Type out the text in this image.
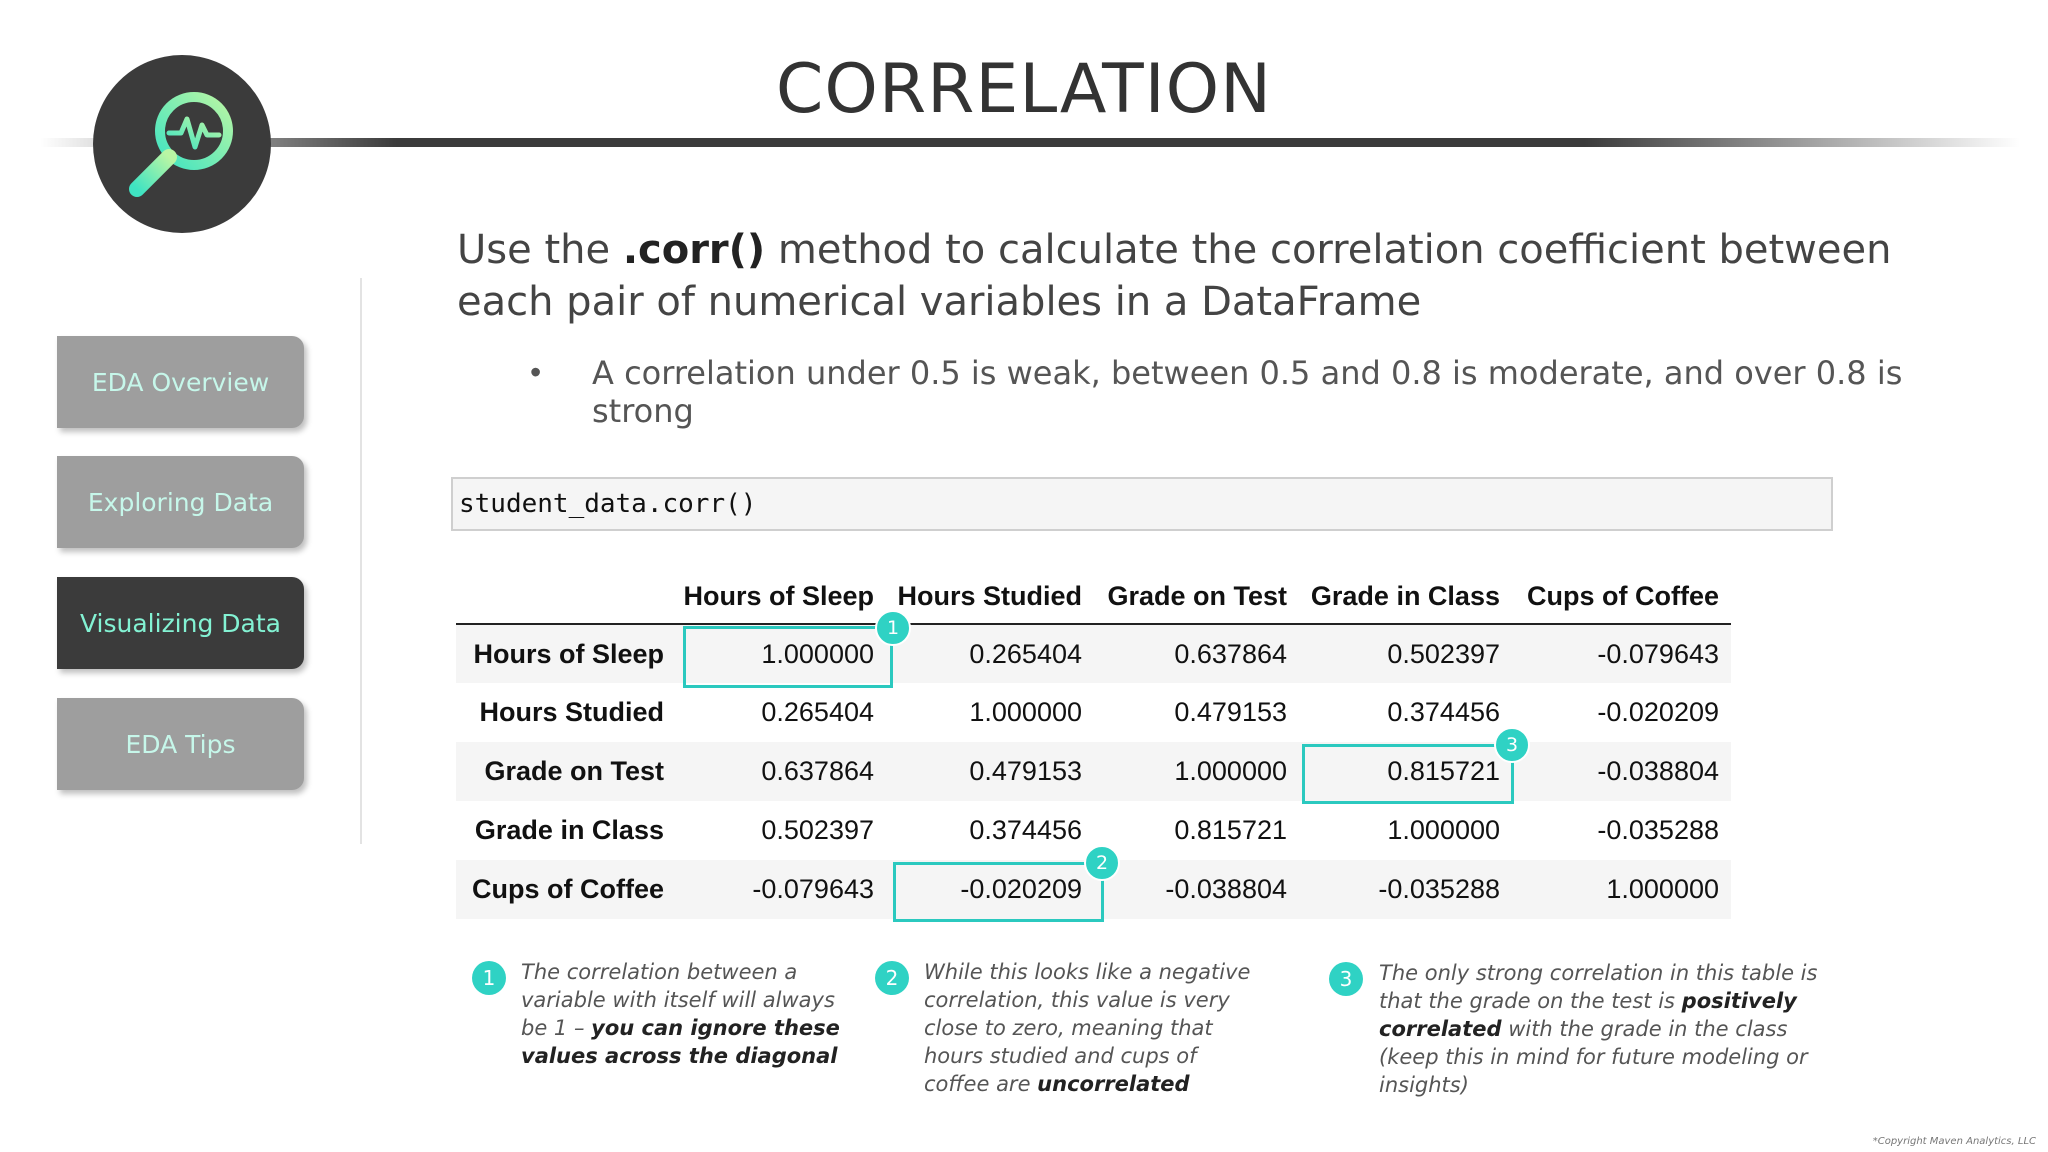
CORRELATION
EDA Overview
Exploring Data
Visualizing Data
EDA Tips
Use the .corr() method to calculate the correlation coefficient between each pair of numerical variables in a DataFrame
• A correlation under 0.5 is weak, between 0.5 and 0.8 is moderate, and over 0.8 is strong
student_data.corr()
	Hours of Sleep	Hours Studied	Grade on Test	Grade in Class	Cups of Coffee
Hours of Sleep	1.000000	0.265404	0.637864	0.502397	-0.079643
Hours Studied	0.265404	1.000000	0.479153	0.374456	-0.020209
Grade on Test	0.637864	0.479153	1.000000	0.815721	-0.038804
Grade in Class	0.502397	0.374456	0.815721	1.000000	-0.035288
Cups of Coffee	-0.079643	-0.020209	-0.038804	-0.035288	1.000000
1
2
3
1	The correlation between a variable with itself will always be 1 – you can ignore these values across the diagonal
2	While this looks like a negative correlation, this value is very close to zero, meaning that hours studied and cups of coffee are uncorrelated
3	The only strong correlation in this table is that the grade on the test is positively correlated with the grade in the class (keep this in mind for future modeling or insights)
*Copyright Maven Analytics, LLC
